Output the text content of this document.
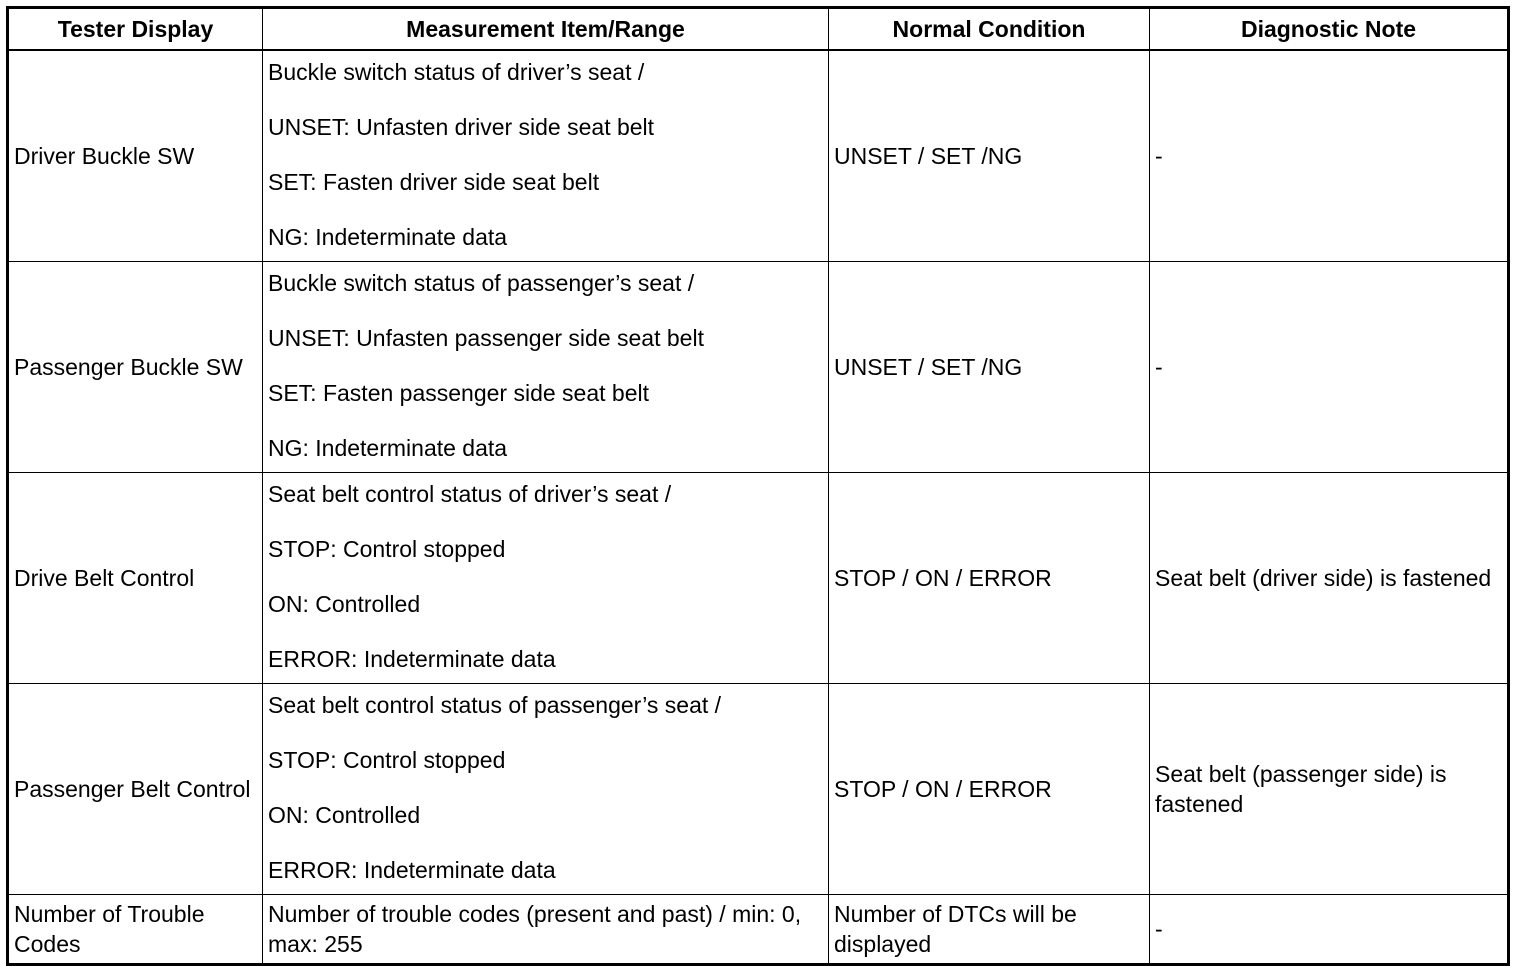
Tester Display	Measurement Item/Range	Normal Condition	Diagnostic Note
Driver Buckle SW	Buckle switch status of driver’s seat /
UNSET: Unfasten driver side seat belt
SET: Fasten driver side seat belt
NG: Indeterminate data	UNSET / SET /NG	-
Passenger Buckle SW	Buckle switch status of passenger’s seat /
UNSET: Unfasten passenger side seat belt
SET: Fasten passenger side seat belt
NG: Indeterminate data	UNSET / SET /NG	-
Drive Belt Control	Seat belt control status of driver’s seat /
STOP: Control stopped
ON: Controlled
ERROR: Indeterminate data	STOP / ON / ERROR	Seat belt (driver side) is fastened
Passenger Belt Control	Seat belt control status of passenger’s seat /
STOP: Control stopped
ON: Controlled
ERROR: Indeterminate data	STOP / ON / ERROR	Seat belt (passenger side) is fastened
Number of Trouble Codes	Number of trouble codes (present and past) / min: 0, max: 255	Number of DTCs will be displayed	-
